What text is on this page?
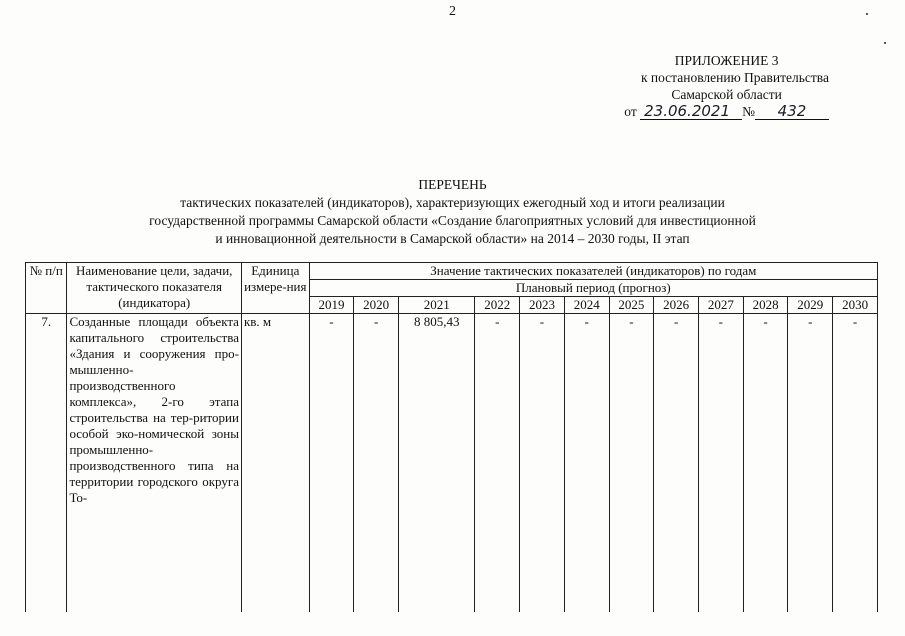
2
ПРИЛОЖЕНИЕ 3
к постановлению Правительства
Самарской области
от 23.06.2021 № 432
ПЕРЕЧЕНЬ
тактических показателей (индикаторов), характеризующих ежегодный ход и итоги реализации
государственной программы Самарской области «Создание благоприятных условий для инвестиционной
и инновационной деятельности в Самарской области» на 2014 – 2030 годы, II этап
№ п/п	Наименование цели, задачи, тактического показателя (индикатора)	Единица измере-ния	Значение тактических показателей (индикаторов) по годам											
			Плановый период (прогноз)											
			2019	2020	2021	2022	2023	2024	2025	2026	2027	2028	2029	2030
7.	Созданные площади объекта капитального строительства «Здания и сооружения про-мышленно-производственного комплекса», 2-го этапа строительства на тер-ритории особой эко-номической зоны промышленно-производственного типа на территории городского округа То-	кв. м	-	-	8 805,43	-	-	-	-	-	-	-	-	-
